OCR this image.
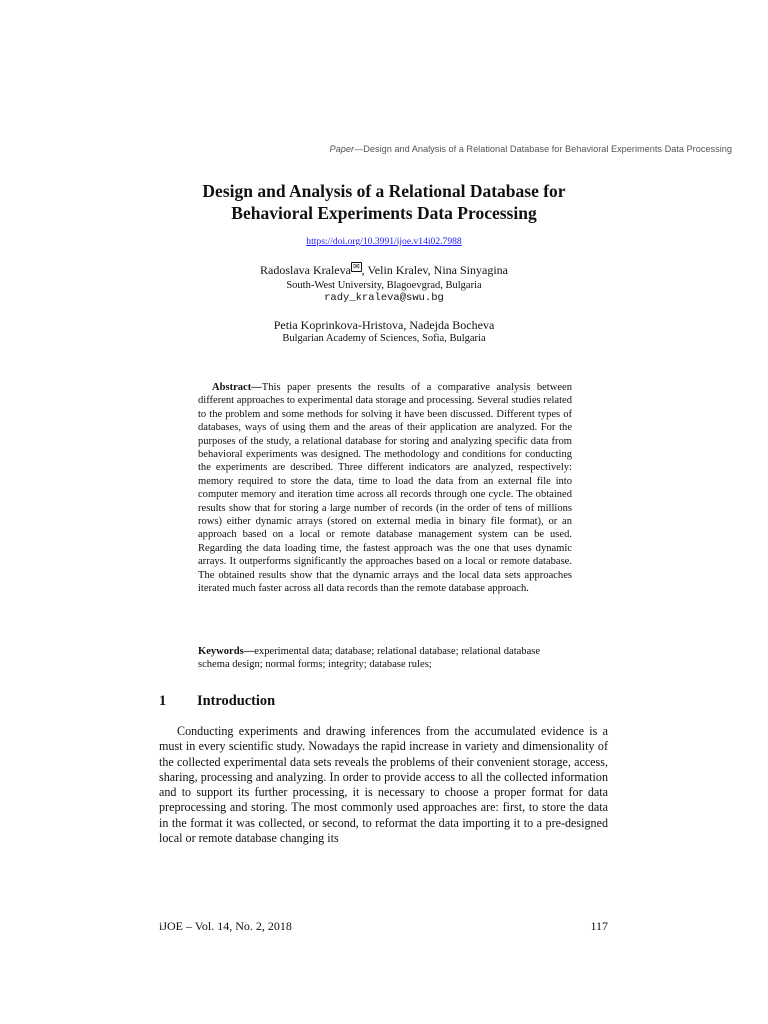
Paper—Design and Analysis of a Relational Database for Behavioral Experiments Data Processing
Design and Analysis of a Relational Database for
Behavioral Experiments Data Processing
https://doi.org/10.3991/ijoe.v14i02.7988
Radoslava Kraleva ✉ , Velin Kralev, Nina Sinyagina
South-West University, Blagoevgrad, Bulgaria
rady_kraleva@swu.bg
Petia Koprinkova-Hristova, Nadejda Bocheva
Bulgarian Academy of Sciences, Sofia, Bulgaria
Abstract—This paper presents the results of a comparative analysis between different approaches to experimental data storage and processing. Several studies related to the problem and some methods for solving it have been discussed. Different types of databases, ways of using them and the areas of their application are analyzed. For the purposes of the study, a relational database for storing and analyzing specific data from behavioral experiments was designed. The methodology and conditions for conducting the experiments are described. Three different indicators are analyzed, respectively: memory required to store the data, time to load the data from an external file into computer memory and iteration time across all records through one cycle. The obtained results show that for storing a large number of records (in the order of tens of millions rows) either dynamic arrays (stored on external media in binary file format), or an approach based on a local or remote database management system can be used. Regarding the data loading time, the fastest approach was the one that uses dynamic arrays. It outperforms significantly the approaches based on a local or remote database. The obtained results show that the dynamic arrays and the local data sets approaches iterated much faster across all data records than the remote database approach.
Keywords—experimental data; database; relational database; relational database schema design; normal forms; integrity; database rules;
1 Introduction
Conducting experiments and drawing inferences from the accumulated evidence is a must in every scientific study. Nowadays the rapid increase in variety and dimensionality of the collected experimental data sets reveals the problems of their convenient storage, access, sharing, processing and analyzing. In order to provide access to all the collected information and to support its further processing, it is necessary to choose a proper format for data preprocessing and storing. The most commonly used approaches are: first, to store the data in the format it was collected, or second, to reformat the data importing it to a pre-designed local or remote database changing its
iJOE – Vol. 14, No. 2, 2018	117
